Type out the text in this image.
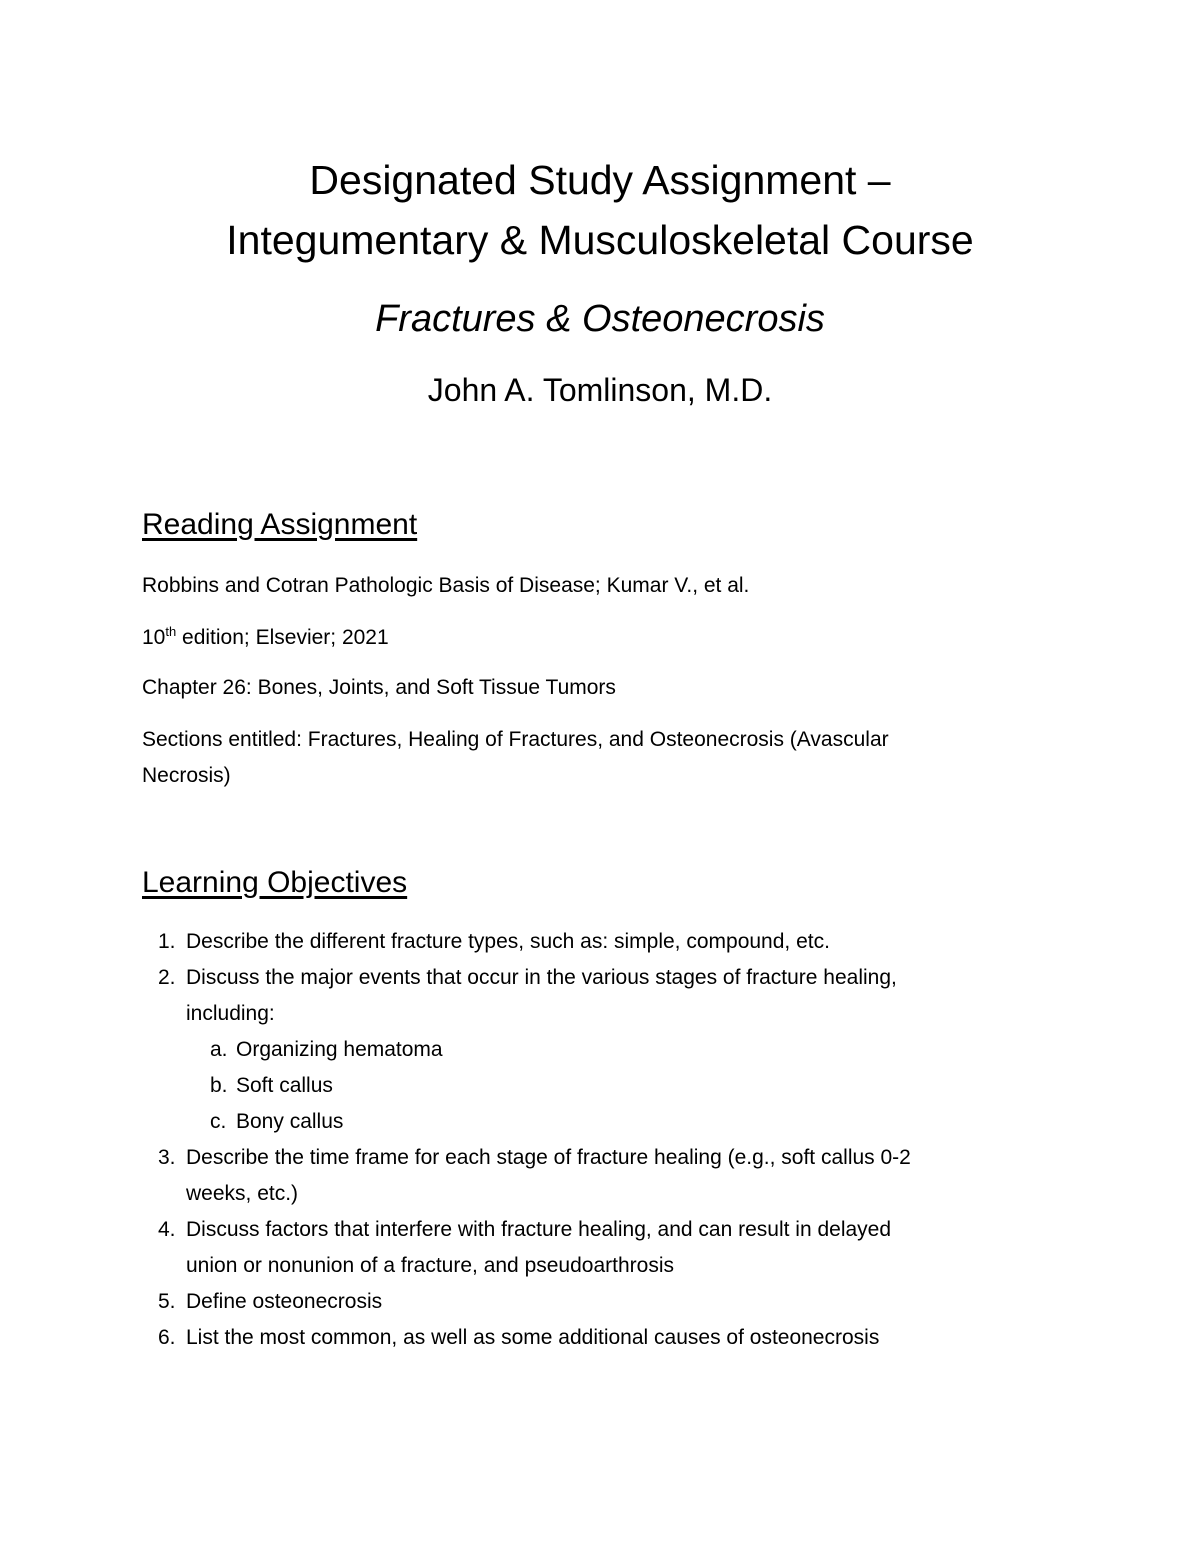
Designated Study Assignment –
Integumentary & Musculoskeletal Course
Fractures & Osteonecrosis
John A. Tomlinson, M.D.
Reading Assignment

Robbins and Cotran Pathologic Basis of Disease; Kumar V., et al.

10th edition; Elsevier; 2021

Chapter 26: Bones, Joints, and Soft Tissue Tumors

Sections entitled: Fractures, Healing of Fractures, and Osteonecrosis (Avascular
Necrosis)

Learning Objectives
1. Describe the different fracture types, such as: simple, compound, etc.
2. Discuss the major events that occur in the various stages of fracture healing,
including:
a. Organizing hematoma
b. Soft callus
c. Bony callus
3. Describe the time frame for each stage of fracture healing (e.g., soft callus 0-2
weeks, etc.)
4. Discuss factors that interfere with fracture healing, and can result in delayed
union or nonunion of a fracture, and pseudoarthrosis
5. Define osteonecrosis
6. List the most common, as well as some additional causes of osteonecrosis
